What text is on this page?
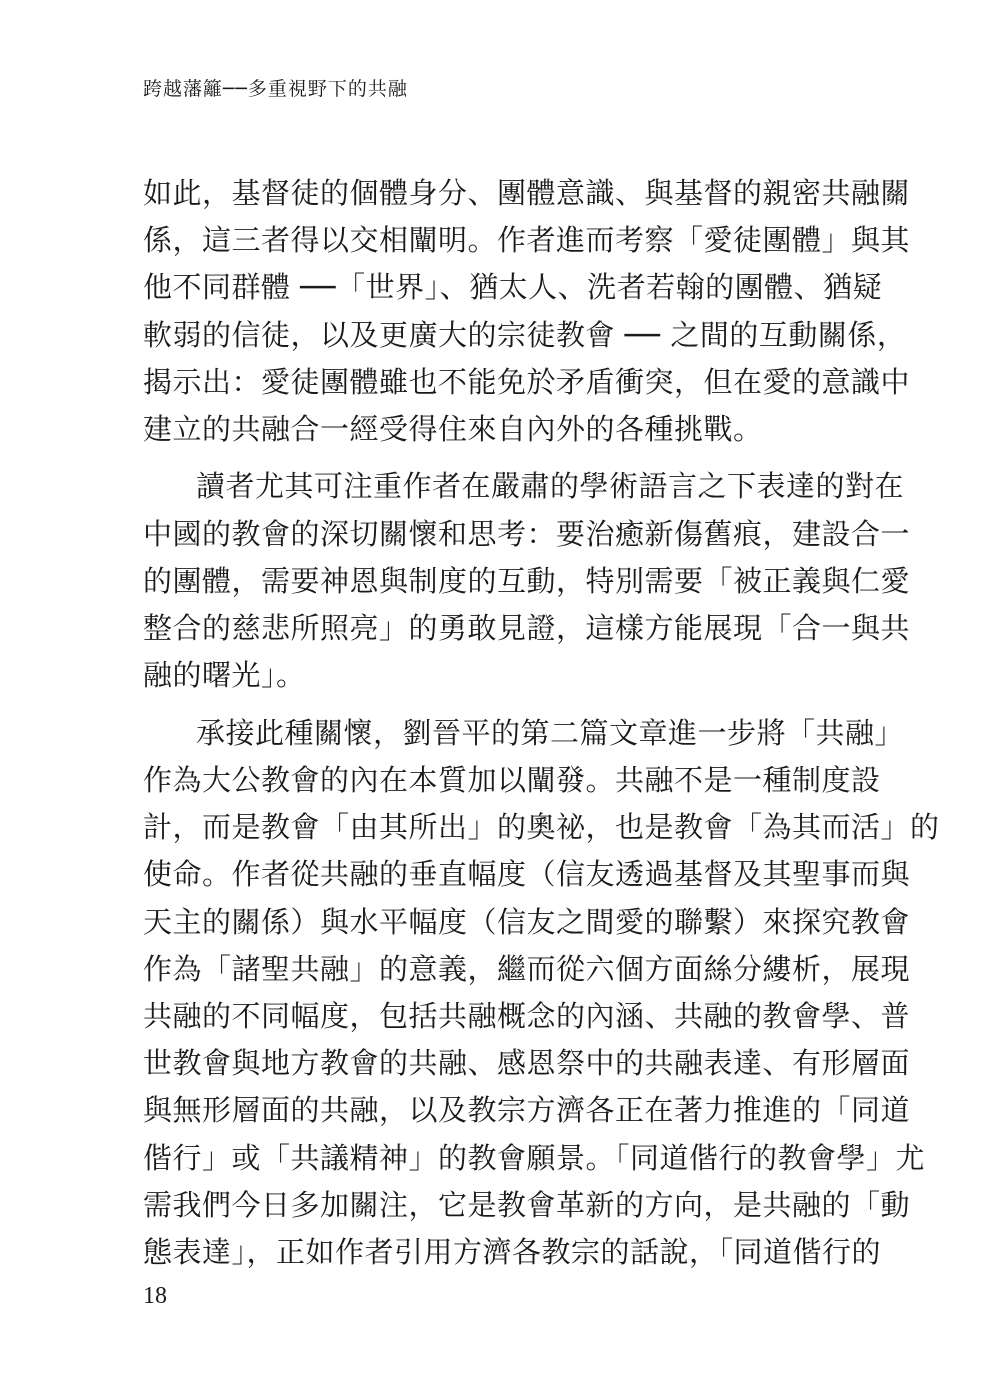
跨越藩籬──多重視野下的共融
如此，基督徒的個體身分、團體意識、與基督的親密共融關
係，這三者得以交相闡明。作者進而考察「愛徒團體」與其
他不同群體 ──「世界」、猶太人、洗者若翰的團體、猶疑
軟弱的信徒，以及更廣大的宗徒教會 ── 之間的互動關係，
揭示出：愛徒團體雖也不能免於矛盾衝突，但在愛的意識中
建立的共融合一經受得住來自內外的各種挑戰。
讀者尤其可注重作者在嚴肅的學術語言之下表達的對在
中國的教會的深切關懷和思考：要治癒新傷舊痕，建設合一
的團體，需要神恩與制度的互動，特別需要「被正義與仁愛
整合的慈悲所照亮」的勇敢見證，這樣方能展現「合一與共
融的曙光」。
承接此種關懷，劉晉平的第二篇文章進一步將「共融」
作為大公教會的內在本質加以闡發。共融不是一種制度設
計，而是教會「由其所出」的奧祕，也是教會「為其而活」的
使命。作者從共融的垂直幅度（信友透過基督及其聖事而與
天主的關係）與水平幅度（信友之間愛的聯繫）來探究教會
作為「諸聖共融」的意義，繼而從六個方面絲分縷析，展現
共融的不同幅度，包括共融概念的內涵、共融的教會學、普
世教會與地方教會的共融、感恩祭中的共融表達、有形層面
與無形層面的共融，以及教宗方濟各正在著力推進的「同道
偕行」或「共議精神」的教會願景。「同道偕行的教會學」尤
需我們今日多加關注，它是教會革新的方向，是共融的「動
態表達」，正如作者引用方濟各教宗的話說，「同道偕行的
18
